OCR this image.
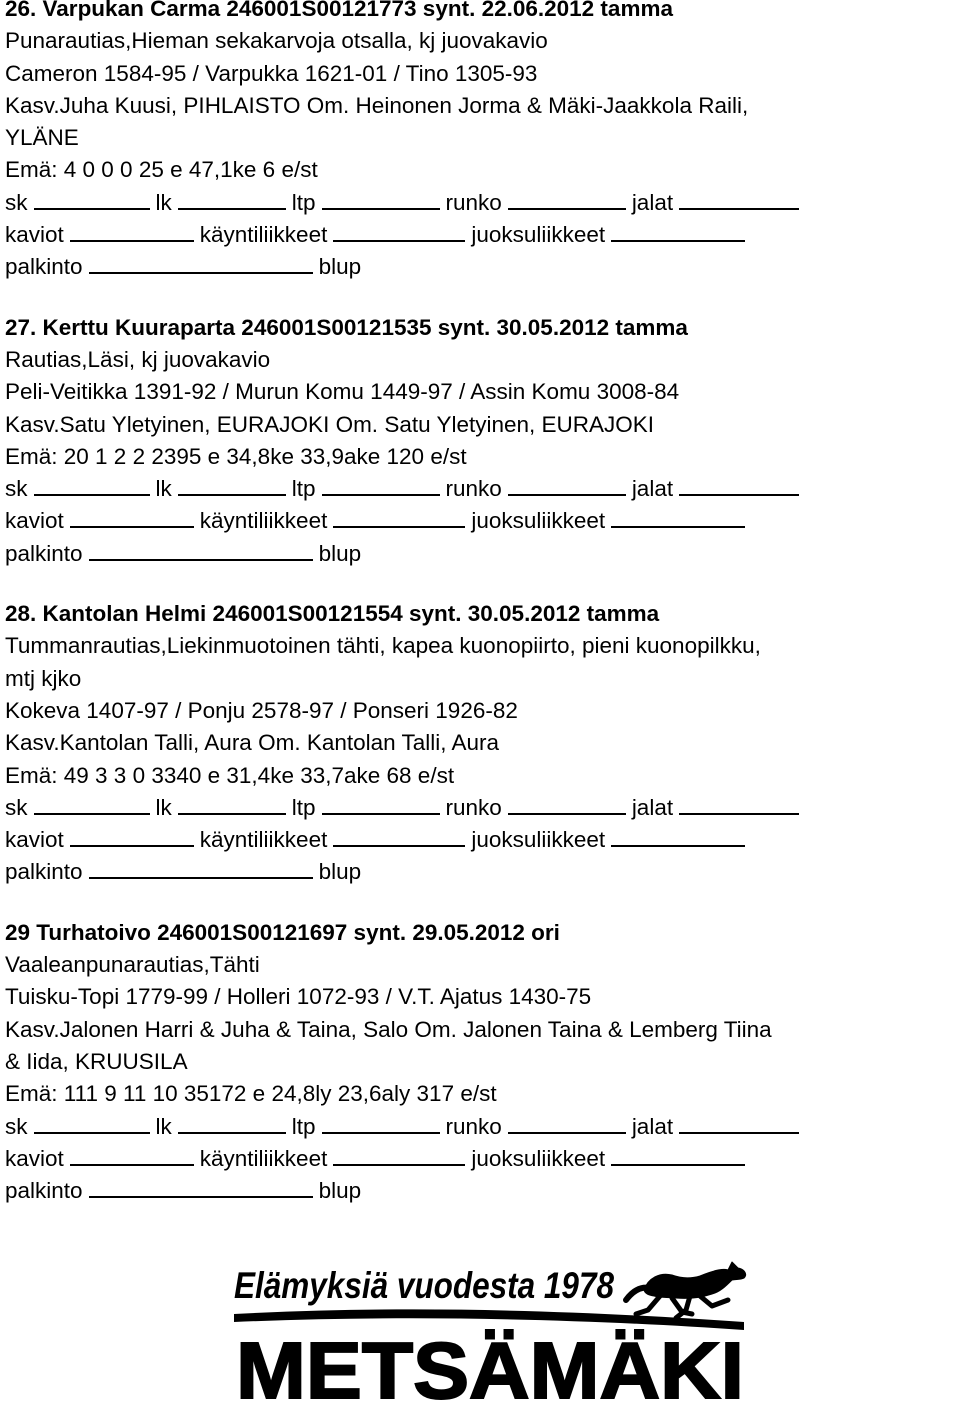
26. Varpukan Carma 246001S00121773 synt. 22.06.2012 tamma
Punarautias,Hieman sekakarvoja otsalla, kj juovakavio
Cameron 1584-95 / Varpukka 1621-01 / Tino 1305-93
Kasv.Juha Kuusi, PIHLAISTO Om. Heinonen Jorma & Mäki-Jaakkola Raili,
YLÄNE
Emä: 4 0 0 0 25 e 47,1ke 6 e/st
sk	lk	ltp	runko	jalat
kaviot	käyntiliikkeet	juoksuliikkeet
palkinto	blup
27. Kerttu Kuuraparta 246001S00121535 synt. 30.05.2012 tamma
Rautias,Läsi, kj juovakavio
Peli-Veitikka 1391-92 / Murun Komu 1449-97 / Assin Komu 3008-84
Kasv.Satu Yletyinen, EURAJOKI Om. Satu Yletyinen, EURAJOKI
Emä: 20 1 2 2 2395 e 34,8ke 33,9ake 120 e/st
sk	lk	ltp	runko	jalat
kaviot	käyntiliikkeet	juoksuliikkeet
palkinto	blup
28. Kantolan Helmi 246001S00121554 synt. 30.05.2012 tamma
Tummanrautias,Liekinmuotoinen tähti, kapea kuonopiirto, pieni kuonopilkku,
mtj kjko
Kokeva 1407-97 / Ponju 2578-97 / Ponseri 1926-82
Kasv.Kantolan Talli, Aura Om. Kantolan Talli, Aura
Emä: 49 3 3 0 3340 e 31,4ke 33,7ake 68 e/st
sk	lk	ltp	runko	jalat
kaviot	käyntiliikkeet	juoksuliikkeet
palkinto	blup
29 Turhatoivo 246001S00121697 synt. 29.05.2012 ori
Vaaleanpunarautias,Tähti
Tuisku-Topi 1779-99 / Holleri 1072-93 / V.T. Ajatus 1430-75
Kasv.Jalonen Harri & Juha & Taina, Salo Om. Jalonen Taina & Lemberg Tiina
& Iida, KRUUSILA
Emä: 111 9 11 10 35172 e 24,8ly 23,6aly 317 e/st
sk	lk	ltp	runko	jalat
kaviot	käyntiliikkeet	juoksuliikkeet
palkinto	blup
Elämyksiä vuodesta 1978
METSÄMÄKI
